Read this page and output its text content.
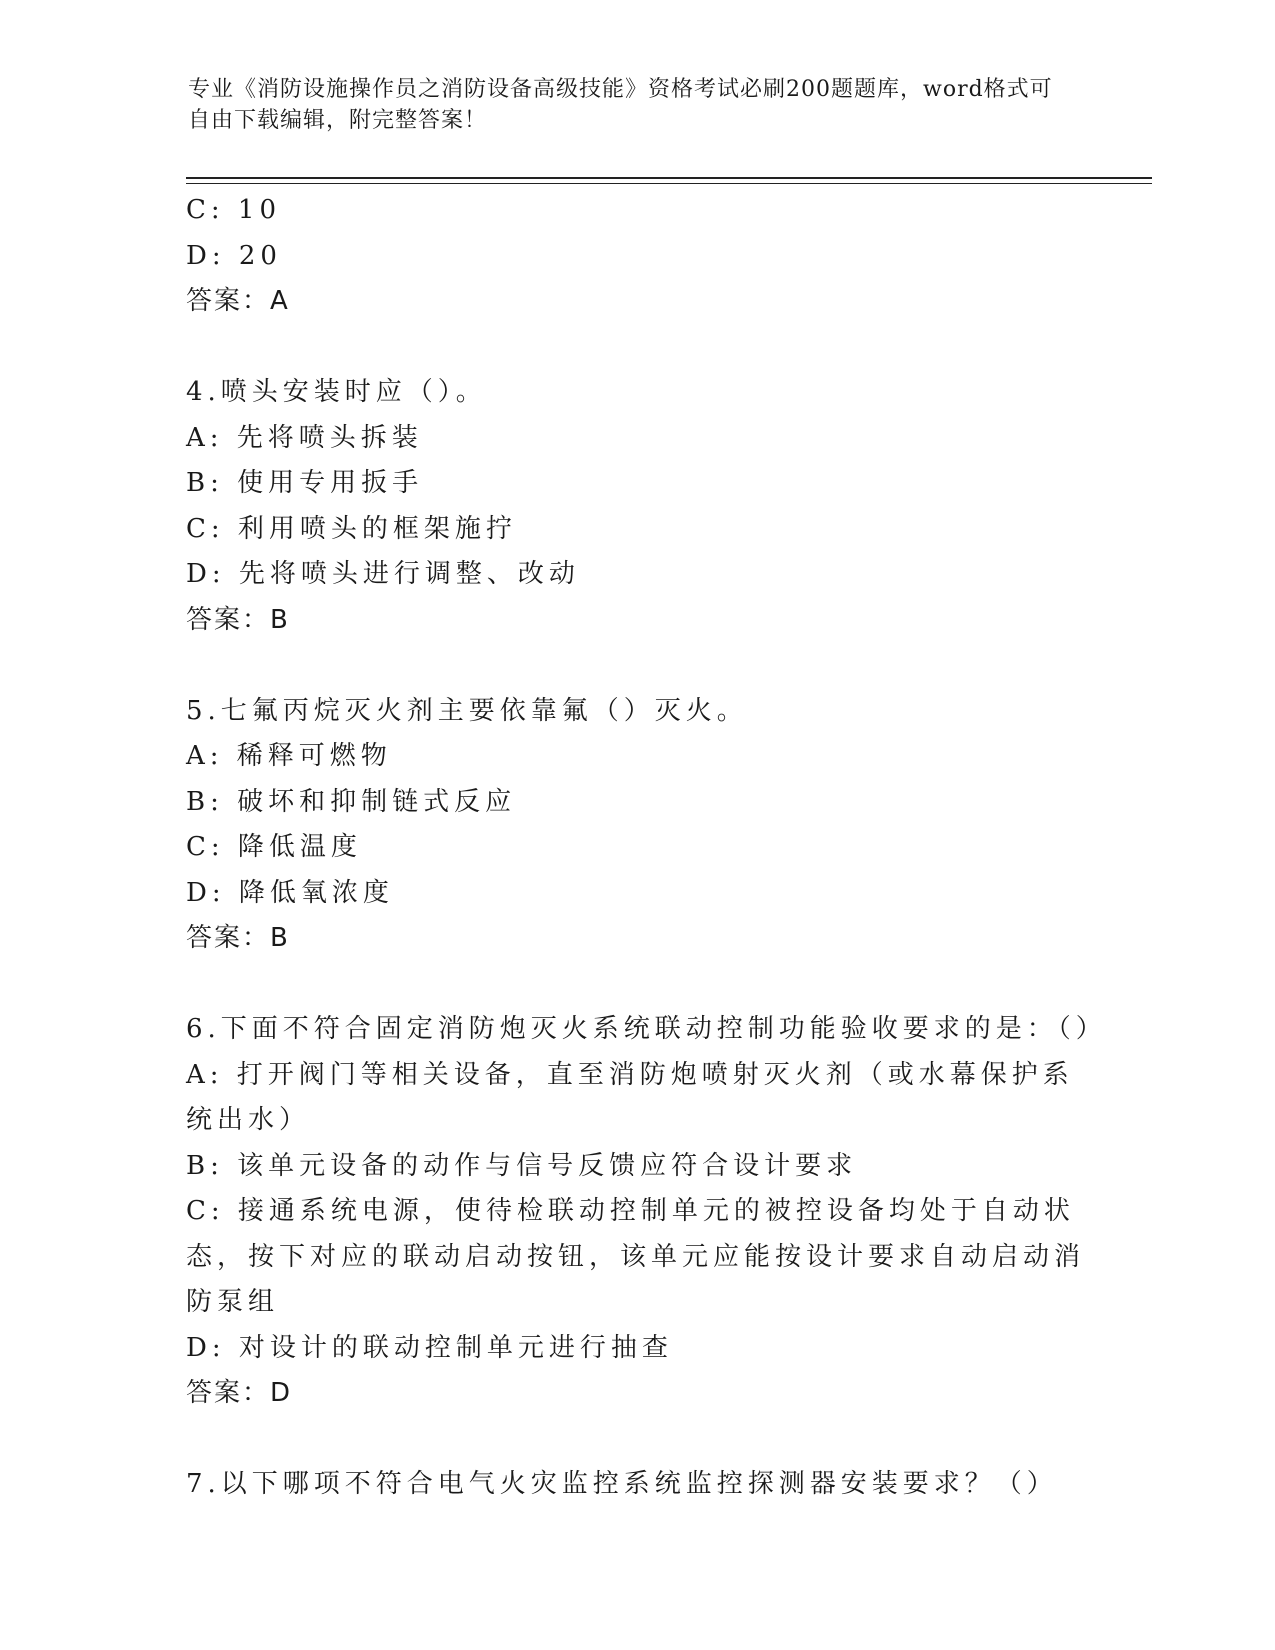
专业《消防设施操作员之消防设备高级技能》资格考试必刷200题题库，word格式可自由下载编辑，附完整答案！

C: 10

D: 20

答案：A

4.喷头安装时应（）。

A: 先将喷头拆装

B: 使用专用扳手

C: 利用喷头的框架施拧

D: 先将喷头进行调整、改动

答案：B

5.七氟丙烷灭火剂主要依靠氟（）灭火。

A: 稀释可燃物

B: 破坏和抑制链式反应

C: 降低温度

D: 降低氧浓度

答案：B

6.下面不符合固定消防炮灭火系统联动控制功能验收要求的是：（）

A: 打开阀门等相关设备，直至消防炮喷射灭火剂（或水幕保护系统出水）

B: 该单元设备的动作与信号反馈应符合设计要求

C: 接通系统电源，使待检联动控制单元的被控设备均处于自动状态，按下对应的联动启动按钮，该单元应能按设计要求自动启动消防泵组

D: 对设计的联动控制单元进行抽查

答案：D

7.以下哪项不符合电气火灾监控系统监控探测器安装要求？（）
